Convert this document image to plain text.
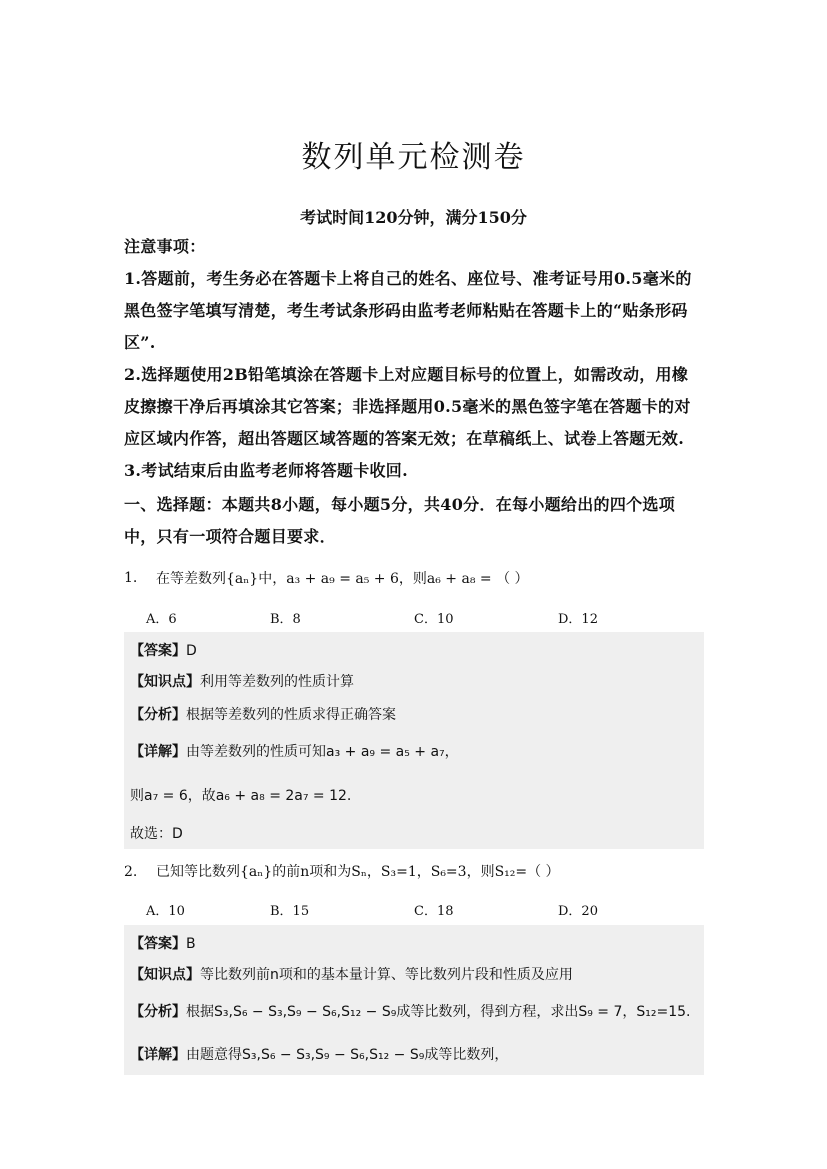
数列单元检测卷
考试时间120分钟，满分150分
注意事项：
1.答题前，考生务必在答题卡上将自己的姓名、座位号、准考证号用0.5毫米的
黑色签字笔填写清楚，考生考试条形码由监考老师粘贴在答题卡上的“贴条形码
区”.
2.选择题使用2B铅笔填涂在答题卡上对应题目标号的位置上，如需改动，用橡
皮擦擦干净后再填涂其它答案；非选择题用0.5毫米的黑色签字笔在答题卡的对
应区域内作答，超出答题区域答题的答案无效；在草稿纸上、试卷上答题无效.
3.考试结束后由监考老师将答题卡收回.
一、选择题：本题共8小题，每小题5分，共40分．在每小题给出的四个选项
中，只有一项符合题目要求．
1. 在等差数列{aₙ}中，a₃ + a₉ = a₅ + 6，则a₆ + a₈ = （ ）
A．6	B．8	C．10	D．12
【答案】D
【知识点】利用等差数列的性质计算
【分析】根据等差数列的性质求得正确答案
【详解】由等差数列的性质可知a₃ + a₉ = a₅ + a₇，
则a₇ = 6，故a₆ + a₈ = 2a₇ = 12.
故选：D
2. 已知等比数列{aₙ}的前n项和为Sₙ，S₃=1，S₆=3，则S₁₂=（ ）
A．10	B．15	C．18	D．20
【答案】B
【知识点】等比数列前n项和的基本量计算、等比数列片段和性质及应用
【分析】根据S₃,S₆ − S₃,S₉ − S₆,S₁₂ − S₉成等比数列，得到方程，求出S₉ = 7，S₁₂=15.
【详解】由题意得S₃,S₆ − S₃,S₉ − S₆,S₁₂ − S₉成等比数列，
